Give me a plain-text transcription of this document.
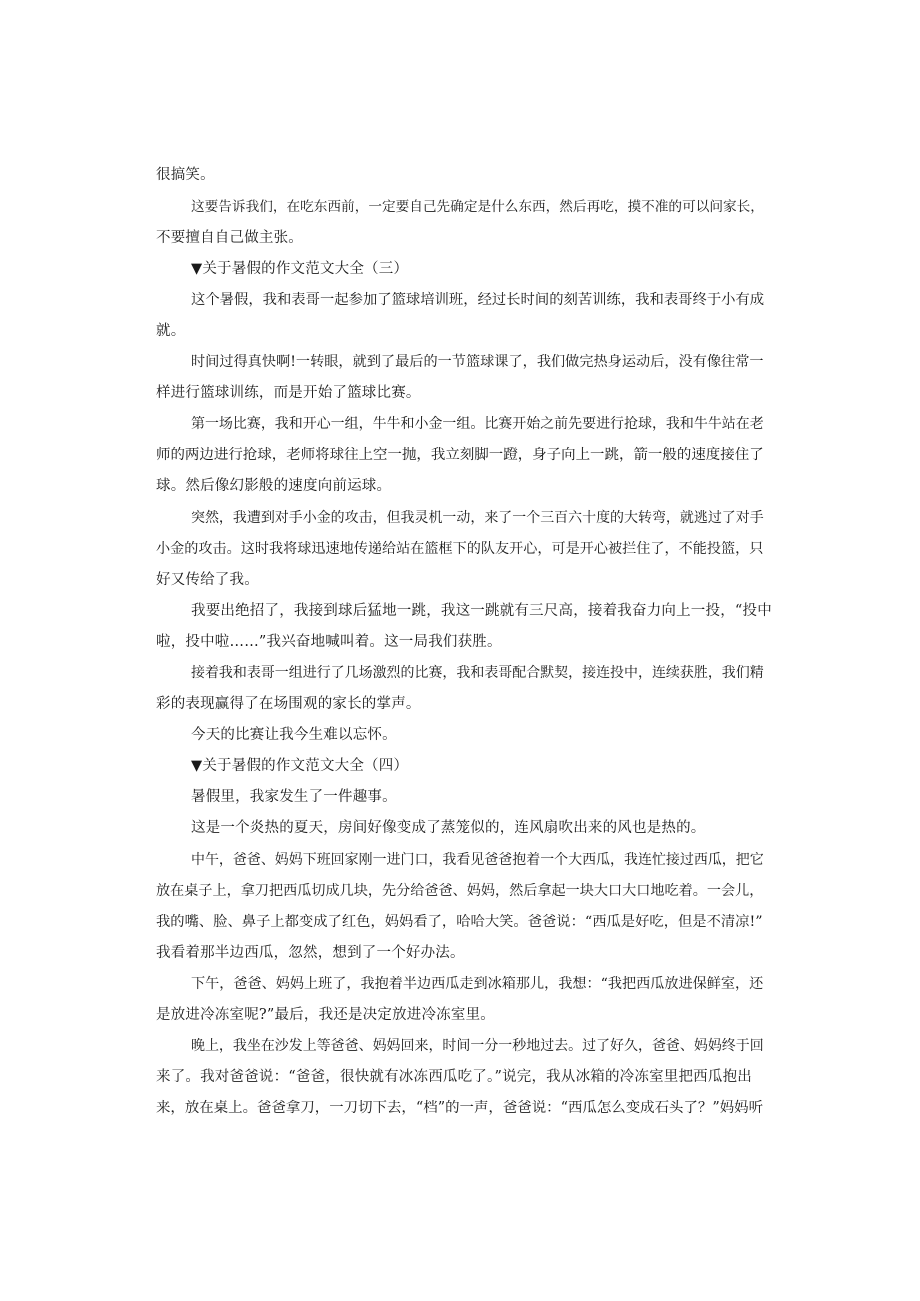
很搞笑。
这要告诉我们，在吃东西前，一定要自己先确定是什么东西，然后再吃，摸不准的可以问家长，
不要擅自自己做主张。
▼关于暑假的作文范文大全（三）
这个暑假，我和表哥一起参加了篮球培训班，经过长时间的刻苦训练，我和表哥终于小有成
就。
时间过得真快啊!一转眼，就到了最后的一节篮球课了，我们做完热身运动后，没有像往常一
样进行篮球训练，而是开始了篮球比赛。
第一场比赛，我和开心一组，牛牛和小金一组。比赛开始之前先要进行抢球，我和牛牛站在老
师的两边进行抢球，老师将球往上空一抛，我立刻脚一蹬，身子向上一跳，箭一般的速度接住了
球。然后像幻影般的速度向前运球。
突然，我遭到对手小金的攻击，但我灵机一动，来了一个三百六十度的大转弯，就逃过了对手
小金的攻击。这时我将球迅速地传递给站在篮框下的队友开心，可是开心被拦住了，不能投篮，只
好又传给了我。
我要出绝招了，我接到球后猛地一跳，我这一跳就有三尺高，接着我奋力向上一投，“投中
啦，投中啦……”我兴奋地喊叫着。这一局我们获胜。
接着我和表哥一组进行了几场激烈的比赛，我和表哥配合默契，接连投中，连续获胜，我们精
彩的表现赢得了在场围观的家长的掌声。
今天的比赛让我今生难以忘怀。
▼关于暑假的作文范文大全（四）
暑假里，我家发生了一件趣事。
这是一个炎热的夏天，房间好像变成了蒸笼似的，连风扇吹出来的风也是热的。
中午，爸爸、妈妈下班回家刚一进门口，我看见爸爸抱着一个大西瓜，我连忙接过西瓜，把它
放在桌子上，拿刀把西瓜切成几块，先分给爸爸、妈妈，然后拿起一块大口大口地吃着。一会儿，
我的嘴、脸、鼻子上都变成了红色，妈妈看了，哈哈大笑。爸爸说：“西瓜是好吃，但是不清凉!”
我看着那半边西瓜，忽然，想到了一个好办法。
下午，爸爸、妈妈上班了，我抱着半边西瓜走到冰箱那儿，我想：“我把西瓜放进保鲜室，还
是放进冷冻室呢?”最后，我还是决定放进冷冻室里。
晚上，我坐在沙发上等爸爸、妈妈回来，时间一分一秒地过去。过了好久，爸爸、妈妈终于回
来了。我对爸爸说：“爸爸，很快就有冰冻西瓜吃了。”说完，我从冰箱的冷冻室里把西瓜抱出
来，放在桌上。爸爸拿刀，一刀切下去，“档”的一声，爸爸说：“西瓜怎么变成石头了？”妈妈听
